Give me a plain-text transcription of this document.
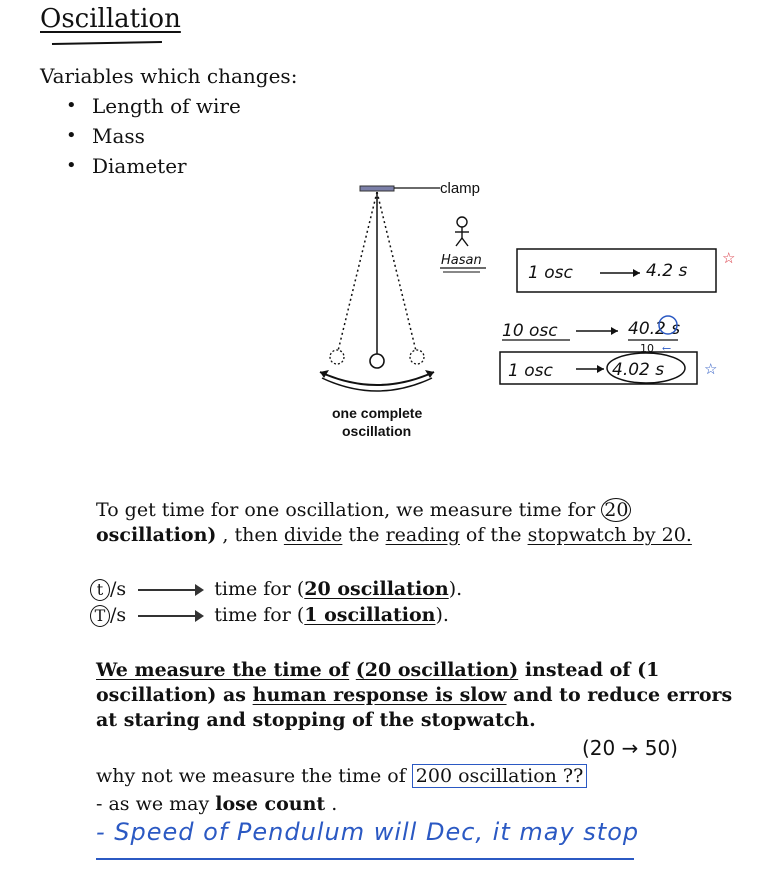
Oscillation
Variables which changes:
• Length of wire
• Mass
• Diameter
clamp
one complete
oscillation
Hasan
1 osc	4.2 s
☆
10 osc	40.2 s
10 ←
1 osc	4.02 s	☆
To get time for one oscillation, we measure time for 20
oscillation) , then divide the reading of the stopwatch by 20.
t /s	time for (20 oscillation).
T /s	time for (1 oscillation).
We measure the time of (20 oscillation) instead of (1
oscillation) as human response is slow and to reduce errors
at staring and stopping of the stopwatch.
(20 → 50)
why not we measure the time of 200 oscillation ??
- as we may lose count .
- Speed of Pendulum will Dec, it may stop
